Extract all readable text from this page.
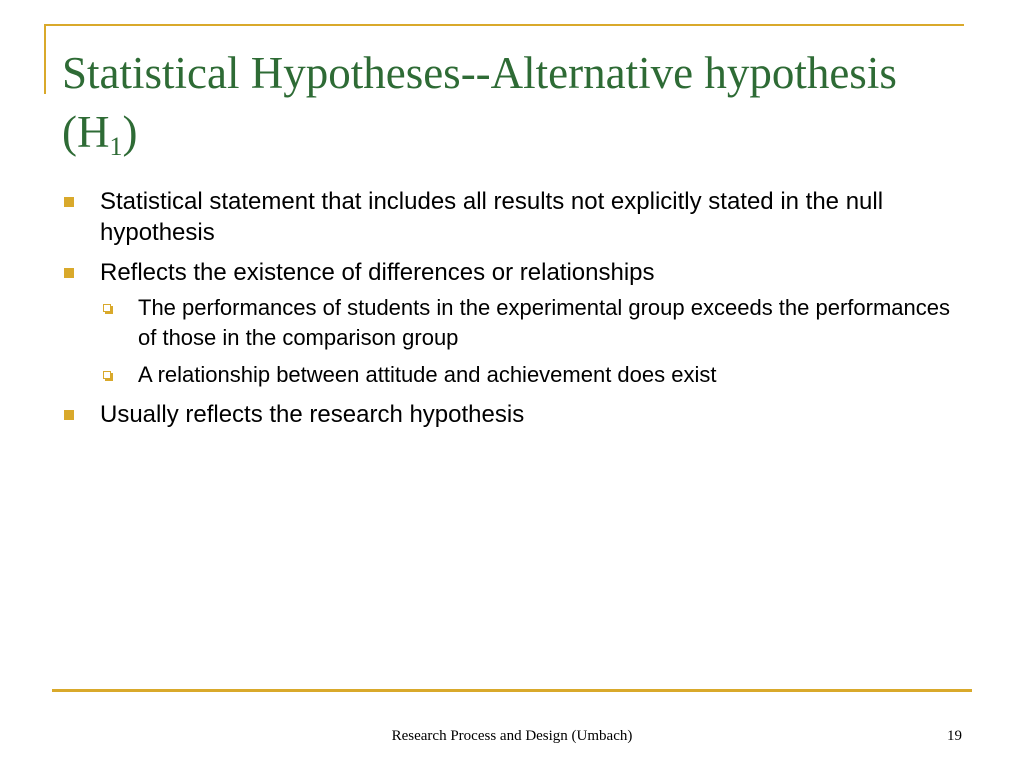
Statistical Hypotheses--Alternative hypothesis $(H_1)$
Statistical statement that includes all results not explicitly stated in the null hypothesis
Reflects the existence of differences or relationships
The performances of students in the experimental group exceeds the performances of those in the comparison group
A relationship between attitude and achievement does exist
Usually reflects the research hypothesis
Research Process and Design (Umbach)	19
